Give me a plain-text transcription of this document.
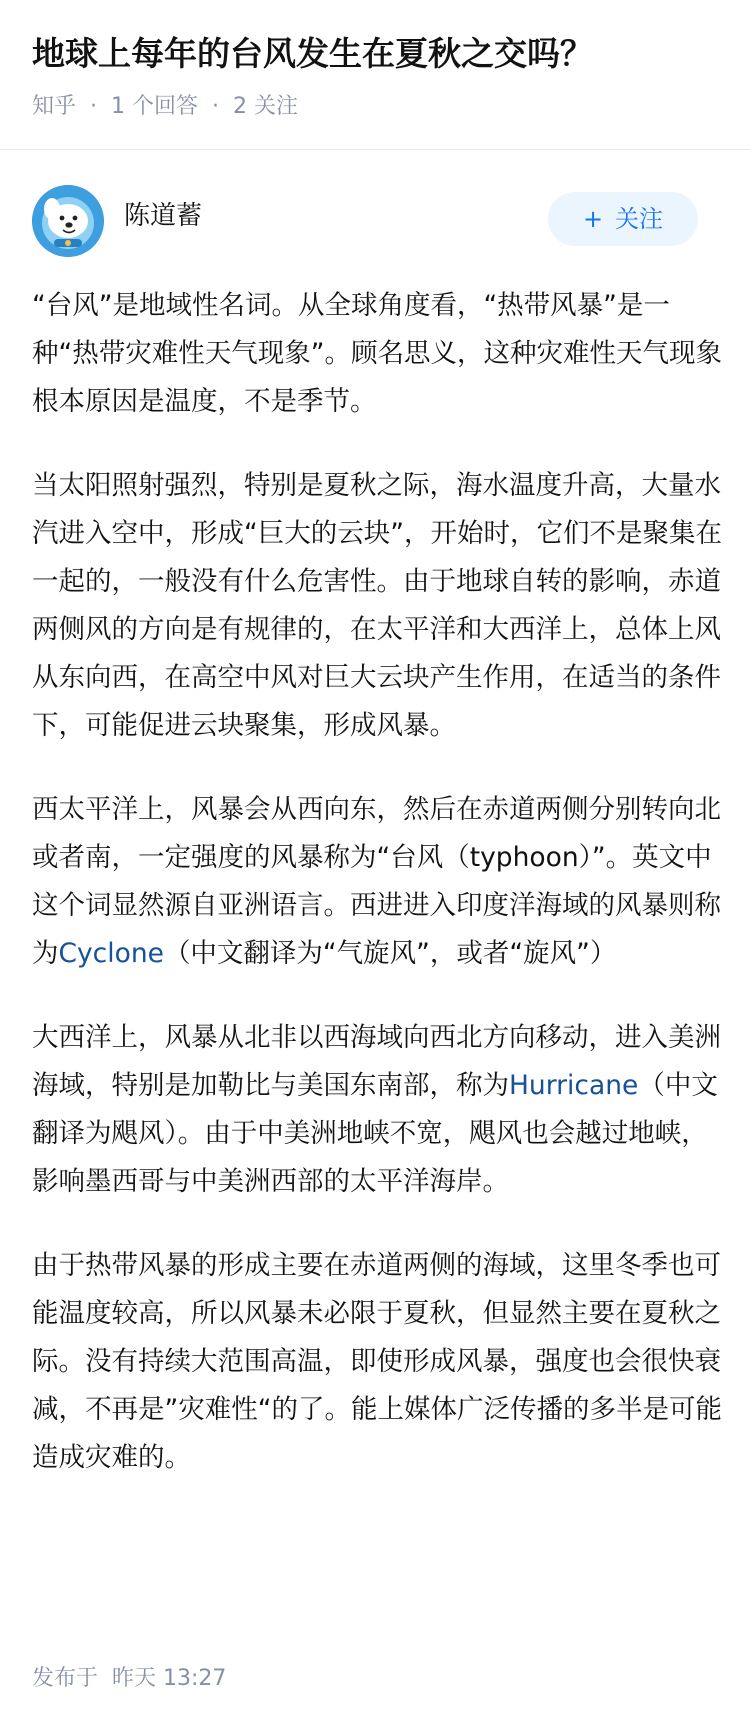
地球上每年的台风发生在夏秋之交吗？
知乎 · 1 个回答 · 2 关注
陈道蓄	+ 关注

“台风”是地域性名词。从全球角度看，“热带风暴”是一种“热带灾难性天气现象”。顾名思义，这种灾难性天气现象根本原因是温度，不是季节。

当太阳照射强烈，特别是夏秋之际，海水温度升高，大量水汽进入空中，形成“巨大的云块”，开始时，它们不是聚集在一起的，一般没有什么危害性。由于地球自转的影响，赤道两侧风的方向是有规律的，在太平洋和大西洋上，总体上风从东向西，在高空中风对巨大云块产生作用，在适当的条件下，可能促进云块聚集，形成风暴。

西太平洋上，风暴会从西向东，然后在赤道两侧分别转向北或者南，一定强度的风暴称为“台风（typhoon）”。英文中这个词显然源自亚洲语言。西进进入印度洋海域的风暴则称为Cyclone（中文翻译为“气旋风”，或者“旋风”）

大西洋上，风暴从北非以西海域向西北方向移动，进入美洲海域，特别是加勒比与美国东南部，称为Hurricane（中文翻译为飓风）。由于中美洲地峡不宽，飓风也会越过地峡，影响墨西哥与中美洲西部的太平洋海岸。

由于热带风暴的形成主要在赤道两侧的海域，这里冬季也可能温度较高，所以风暴未必限于夏秋，但显然主要在夏秋之际。没有持续大范围高温，即使形成风暴，强度也会很快衰减，不再是”灾难性“的了。能上媒体广泛传播的多半是可能造成灾难的。

发布于 昨天 13:27
